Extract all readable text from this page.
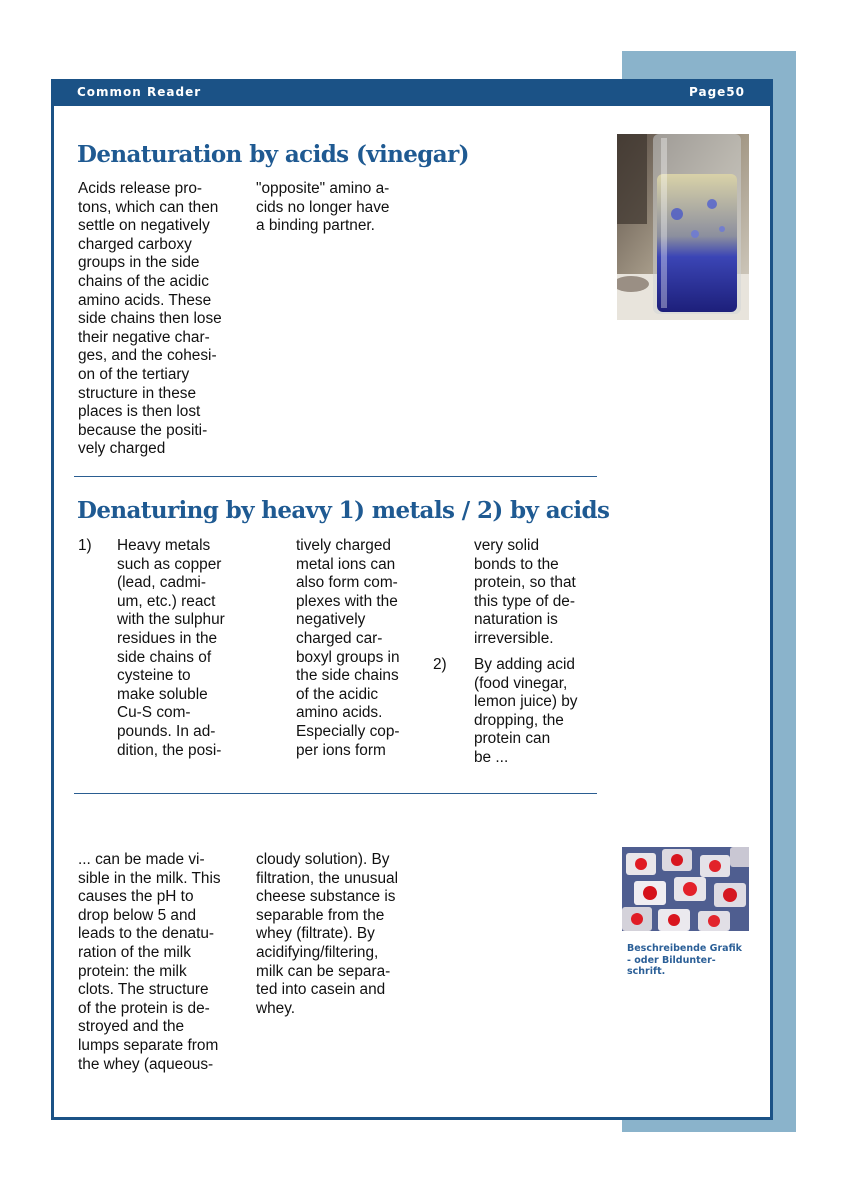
Common Reader	Page50
Denaturation by acids (vinegar)
Acids release pro-
tons, which can then
settle on negatively
charged carboxy
groups in the side
chains of the acidic
amino acids. These
side chains then lose
their negative char-
ges, and the cohesi-
on of the tertiary
structure in these
places is then lost
because the positi-
vely charged
"opposite" amino a-
cids no longer have
a binding partner.
Denaturing by heavy 1) metals / 2) by acids
1) Heavy metals
such as copper
(lead, cadmi-
um, etc.) react
with the sulphur
residues in the
side chains of
cysteine to
make soluble
Cu-S com-
pounds. In ad-
dition, the posi-
tively charged
metal ions can
also form com-
plexes with the
negatively
charged car-
boxyl groups in
the side chains
of the acidic
amino acids.
Especially cop-
per ions form
very solid
bonds to the
protein, so that
this type of de-
naturation is
irreversible.
2) By adding acid
(food vinegar,
lemon juice) by
dropping, the
protein can
be ...
... can be made vi-
sible in the milk. This
causes the pH to
drop below 5 and
leads to the denatu-
ration of the milk
protein: the milk
clots. The structure
of the protein is de-
stroyed and the
lumps separate from
the whey (aqueous-
cloudy solution). By
filtration, the unusual
cheese substance is
separable from the
whey (filtrate). By
acidifying/filtering,
milk can be separa-
ted into casein and
whey.
Beschreibende Grafik
- oder Bildunter-
schrift.
